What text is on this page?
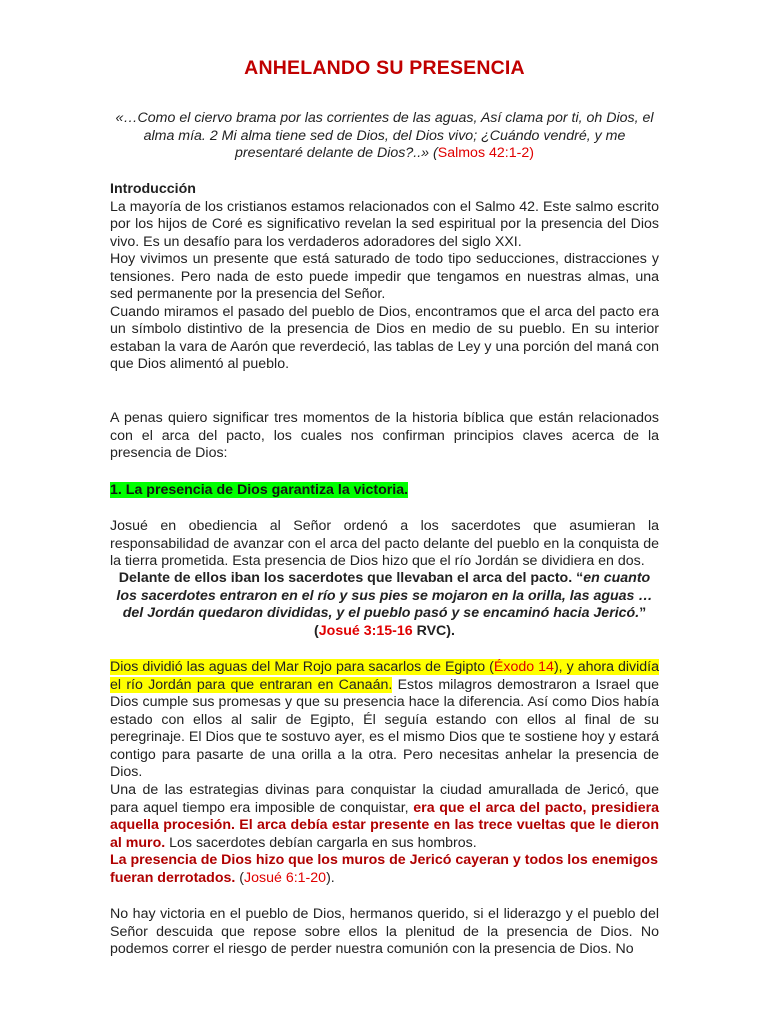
ANHELANDO SU PRESENCIA

«…Como el ciervo brama por las corrientes de las aguas, Así clama por ti, oh Dios, el alma mía. 2 Mi alma tiene sed de Dios, del Dios vivo; ¿Cuándo vendré, y me presentaré delante de Dios?..» (Salmos 42:1-2)

Introducción

La mayoría de los cristianos estamos relacionados con el Salmo 42. Este salmo escrito por los hijos de Coré es significativo revelan la sed espiritual por la presencia del Dios vivo. Es un desafío para los verdaderos adoradores del siglo XXI.

Hoy vivimos un presente que está saturado de todo tipo seducciones, distracciones y tensiones. Pero nada de esto puede impedir que tengamos en nuestras almas, una sed permanente por la presencia del Señor.

Cuando miramos el pasado del pueblo de Dios, encontramos que el arca del pacto era un símbolo distintivo de la presencia de Dios en medio de su pueblo. En su interior estaban la vara de Aarón que reverdeció, las tablas de Ley y una porción del maná con que Dios alimentó al pueblo.

A penas quiero significar tres momentos de la historia bíblica que están relacionados con el arca del pacto, los cuales nos confirman principios claves acerca de la presencia de Dios:
1. La presencia de Dios garantiza la victoria.
Josué en obediencia al Señor ordenó a los sacerdotes que asumieran la responsabilidad de avanzar con el arca del pacto delante del pueblo en la conquista de la tierra prometida. Esta presencia de Dios hizo que el río Jordán se dividiera en dos.
Delante de ellos iban los sacerdotes que llevaban el arca del pacto. “en cuanto los sacerdotes entraron en el río y sus pies se mojaron en la orilla, las aguas … del Jordán quedaron divididas, y el pueblo pasó y se encaminó hacia Jericó.” (Josué 3:15-16 RVC).
Dios dividió las aguas del Mar Rojo para sacarlos de Egipto (Éxodo 14), y ahora dividía el río Jordán para que entraran en Canaán. Estos milagros demostraron a Israel que Dios cumple sus promesas y que su presencia hace la diferencia. Así como Dios había estado con ellos al salir de Egipto, Él seguía estando con ellos al final de su peregrinaje. El Dios que te sostuvo ayer, es el mismo Dios que te sostiene hoy y estará contigo para pasarte de una orilla a la otra. Pero necesitas anhelar la presencia de Dios.
Una de las estrategias divinas para conquistar la ciudad amurallada de Jericó, que para aquel tiempo era imposible de conquistar, era que el arca del pacto, presidiera aquella procesión. El arca debía estar presente en las trece vueltas que le dieron al muro. Los sacerdotes debían cargarla en sus hombros.
La presencia de Dios hizo que los muros de Jericó cayeran y todos los enemigos fueran derrotados. (Josué 6:1-20).
No hay victoria en el pueblo de Dios, hermanos querido, si el liderazgo y el pueblo del Señor descuida que repose sobre ellos la plenitud de la presencia de Dios. No podemos correr el riesgo de perder nuestra comunión con la presencia de Dios. No
